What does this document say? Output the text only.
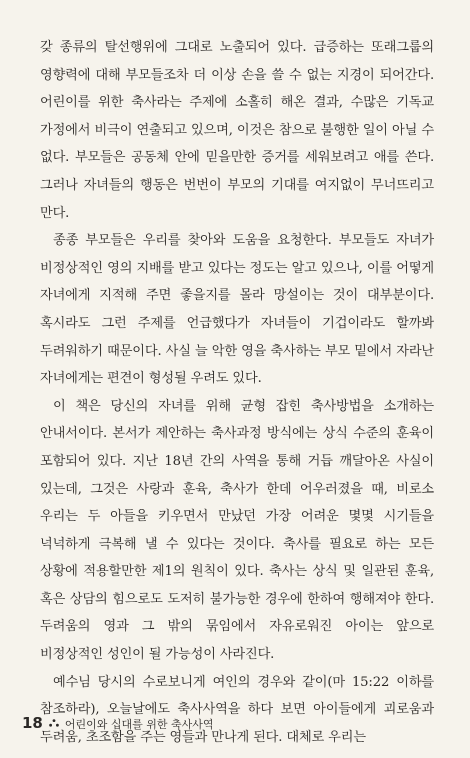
갖 종류의 탈선행위에 그대로 노출되어 있다. 급증하는 또래그룹의 영향력에 대해 부모들조차 더 이상 손을 쓸 수 없는 지경이 되어간다. 어린이를 위한 축사라는 주제에 소홀히 해온 결과, 수많은 기독교 가정에서 비극이 연출되고 있으며, 이것은 참으로 불행한 일이 아닐 수 없다. 부모들은 공동체 안에 믿을만한 증거를 세워보려고 애를 쓴다. 그러나 자녀들의 행동은 번번이 부모의 기대를 여지없이 무너뜨리고 만다.

종종 부모들은 우리를 찾아와 도움을 요청한다. 부모들도 자녀가 비정상적인 영의 지배를 받고 있다는 정도는 알고 있으나, 이를 어떻게 자녀에게 지적해 주면 좋을지를 몰라 망설이는 것이 대부분이다. 혹시라도 그런 주제를 언급했다가 자녀들이 기겁이라도 할까봐 두려워하기 때문이다. 사실 늘 악한 영을 축사하는 부모 밑에서 자라난 자녀에게는 편견이 형성될 우려도 있다.

이 책은 당신의 자녀를 위해 균형 잡힌 축사방법을 소개하는 안내서이다. 본서가 제안하는 축사과정 방식에는 상식 수준의 훈육이 포함되어 있다. 지난 18년 간의 사역을 통해 거듭 깨달아온 사실이 있는데, 그것은 사랑과 훈육, 축사가 한데 어우러졌을 때, 비로소 우리는 두 아들을 키우면서 만났던 가장 어려운 몇몇 시기들을 넉넉하게 극복해 낼 수 있다는 것이다. 축사를 필요로 하는 모든 상황에 적용할만한 제1의 원칙이 있다. 축사는 상식 및 일관된 훈육, 혹은 상담의 힘으로도 도저히 불가능한 경우에 한하여 행해져야 한다. 두려움의 영과 그 밖의 묶임에서 자유로워진 아이는 앞으로 비정상적인 성인이 될 가능성이 사라진다.

예수님 당시의 수로보니게 여인의 경우와 같이(마 15:22 이하를 참조하라), 오늘날에도 축사사역을 하다 보면 아이들에게 괴로움과 두려움, 초조함을 주는 영들과 만나게 된다. 대체로 우리는

18 어린이와 십대를 위한 축사사역
